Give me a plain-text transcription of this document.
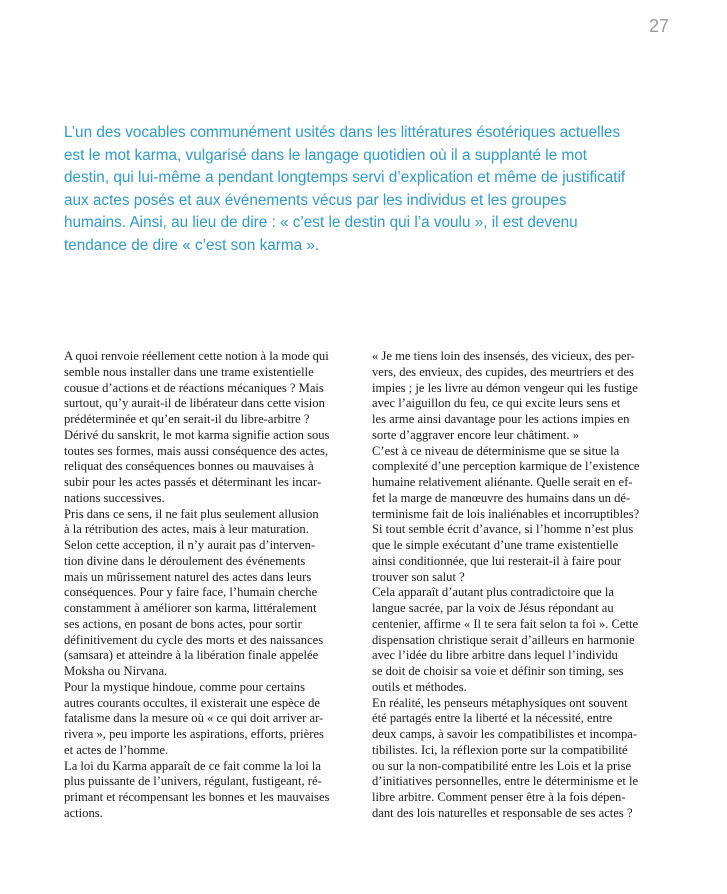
27

L’un des vocables communément usités dans les littératures ésotériques actuelles

est le mot karma, vulgarisé dans le langage quotidien où il a supplanté le mot

destin, qui lui-même a pendant longtemps servi d’explication et même de justificatif

aux actes posés et aux événements vécus par les individus et les groupes

humains. Ainsi, au lieu de dire : « c’est le destin qui l’a voulu », il est devenu

tendance de dire « c’est son karma ».

A quoi renvoie réellement cette notion à la mode qui

semble nous installer dans une trame existentielle

cousue d’actions et de réactions mécaniques ? Mais

surtout, qu’y aurait-il de libérateur dans cette vision

prédéterminée et qu’en serait-il du libre-arbitre ?

Dérivé du sanskrit, le mot karma signifie action sous

toutes ses formes, mais aussi conséquence des actes,

reliquat des conséquences bonnes ou mauvaises à

subir pour les actes passés et déterminant les incar-

nations successives.

Pris dans ce sens, il ne fait plus seulement allusion

à la rétribution des actes, mais à leur maturation.

Selon cette acception, il n’y aurait pas d’interven-

tion divine dans le déroulement des événements

mais un mûrissement naturel des actes dans leurs

conséquences. Pour y faire face, l’humain cherche

constamment à améliorer son karma, littéralement

ses actions, en posant de bons actes, pour sortir

définitivement du cycle des morts et des naissances

(samsara) et atteindre à la libération finale appelée

Moksha ou Nirvana.

Pour la mystique hindoue, comme pour certains

autres courants occultes, il existerait une espèce de

fatalisme dans la mesure où « ce qui doit arriver ar-

rivera », peu importe les aspirations, efforts, prières

et actes de l’homme.

La loi du Karma apparaît de ce fait comme la loi la

plus puissante de l’univers, régulant, fustigeant, ré-

primant et récompensant les bonnes et les mauvaises

actions.

« Je me tiens loin des insensés, des vicieux, des per-

vers, des envieux, des cupides, des meurtriers et des

impies ; je les livre au démon vengeur qui les fustige

avec l’aiguillon du feu, ce qui excite leurs sens et

les arme ainsi davantage pour les actions impies en

sorte d’aggraver encore leur châtiment. »

C’est à ce niveau de déterminisme que se situe la

complexité d’une perception karmique de l’existence

humaine relativement aliénante. Quelle serait en ef-

fet la marge de manœuvre des humains dans un dé-

terminisme fait de lois inaliénables et incorruptibles?

Si tout semble écrit d’avance, si l’homme n’est plus

que le simple exécutant d’une trame existentielle

ainsi conditionnée, que lui resterait-il à faire pour

trouver son salut ?

Cela apparaît d’autant plus contradictoire que la

langue sacrée, par la voix de Jésus répondant au

centenier, affirme « Il te sera fait selon ta foi ». Cette

dispensation christique serait d’ailleurs en harmonie

avec l’idée du libre arbitre dans lequel l’individu

se doit de choisir sa voie et définir son timing, ses

outils et méthodes.

En réalité, les penseurs métaphysiques ont souvent

été partagés entre la liberté et la nécessité, entre

deux camps, à savoir les compatibilistes et incompa-

tibilistes. Ici, la réflexion porte sur la compatibilité

ou sur la non-compatibilité entre les Lois et la prise

d’initiatives personnelles, entre le déterminisme et le

libre arbitre. Comment penser être à la fois dépen-

dant des lois naturelles et responsable de ses actes ?
